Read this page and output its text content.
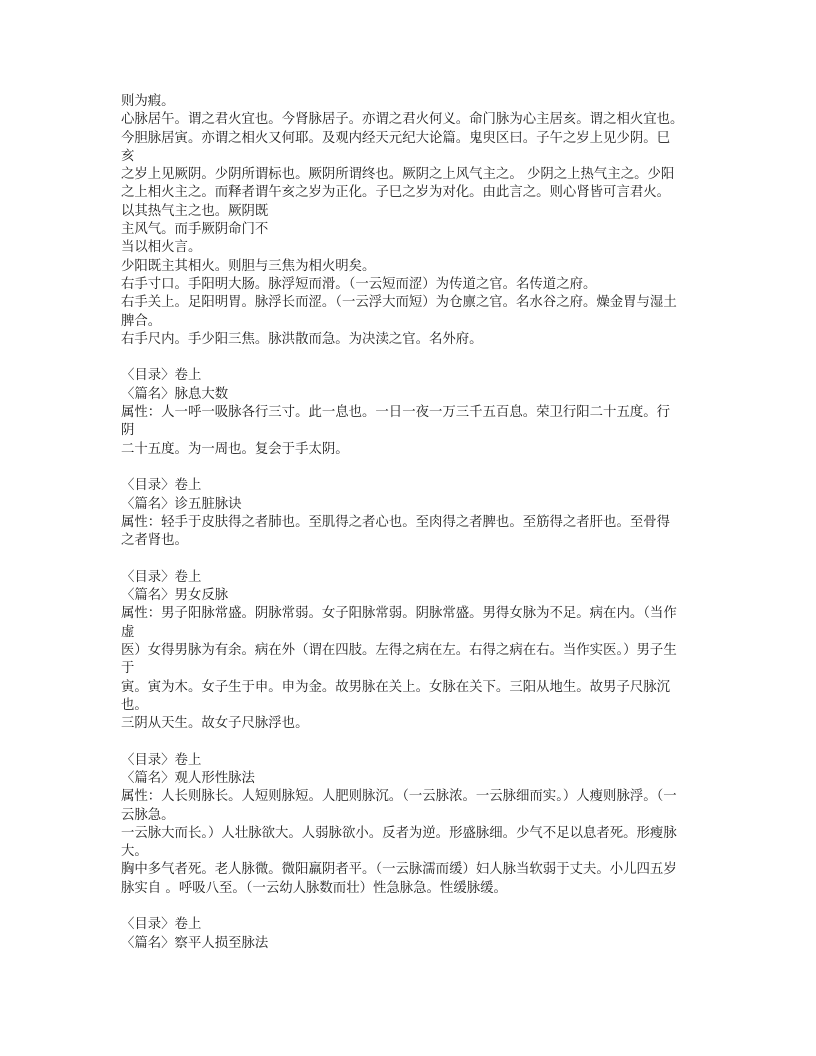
则为瘕。
心脉居午。谓之君火宜也。今肾脉居子。亦谓之君火何义。命门脉为心主居亥。谓之相火宜也。
今胆脉居寅。亦谓之相火又何耶。及观内经天元纪大论篇。鬼臾区曰。子午之岁上见少阴。巳
亥
之岁上见厥阴。少阴所谓标也。厥阴所谓终也。厥阴之上风气主之。 少阴之上热气主之。少阳
之上相火主之。而释者谓午亥之岁为正化。子巳之岁为对化。由此言之。则心肾皆可言君火。
以其热气主之也。厥阴既
主风气。而手厥阴命门不
当以相火言。
少阳既主其相火。则胆与三焦为相火明矣。
右手寸口。手阳明大肠。脉浮短而滑。（一云短而涩）为传道之官。名传道之府。
右手关上。足阳明胃。脉浮长而涩。（一云浮大而短）为仓廪之官。名水谷之府。燥金胃与湿土
脾合。
右手尺内。手少阳三焦。脉洪散而急。为决渎之官。名外府。
〈目录〉卷上
〈篇名〉脉息大数
属性：人一呼一吸脉各行三寸。此一息也。一日一夜一万三千五百息。荣卫行阳二十五度。行
阴
二十五度。为一周也。复会于手太阴。
〈目录〉卷上
〈篇名〉诊五脏脉诀
属性：轻手于皮肤得之者肺也。至肌得之者心也。至肉得之者脾也。至筋得之者肝也。至骨得
之者肾也。
〈目录〉卷上
〈篇名〉男女反脉
属性：男子阳脉常盛。阴脉常弱。女子阳脉常弱。阴脉常盛。男得女脉为不足。病在内。（当作
虚
医）女得男脉为有余。病在外（谓在四肢。左得之病在左。右得之病在右。当作实医。）男子生
于
寅。寅为木。女子生于申。申为金。故男脉在关上。女脉在关下。三阳从地生。故男子尺脉沉
也。
三阴从天生。故女子尺脉浮也。
〈目录〉卷上
〈篇名〉观人形性脉法
属性：人长则脉长。人短则脉短。人肥则脉沉。（一云脉浓。一云脉细而实。）人瘦则脉浮。（一
云脉急。
一云脉大而长。）人壮脉欲大。人弱脉欲小。反者为逆。形盛脉细。少气不足以息者死。形瘦脉
大。
胸中多气者死。老人脉微。微阳羸阴者平。（一云脉濡而缓）妇人脉当软弱于丈夫。小儿四五岁
脉实自 。呼吸八至。（一云幼人脉数而壮）性急脉急。性缓脉缓。
〈目录〉卷上
〈篇名〉察平人损至脉法
